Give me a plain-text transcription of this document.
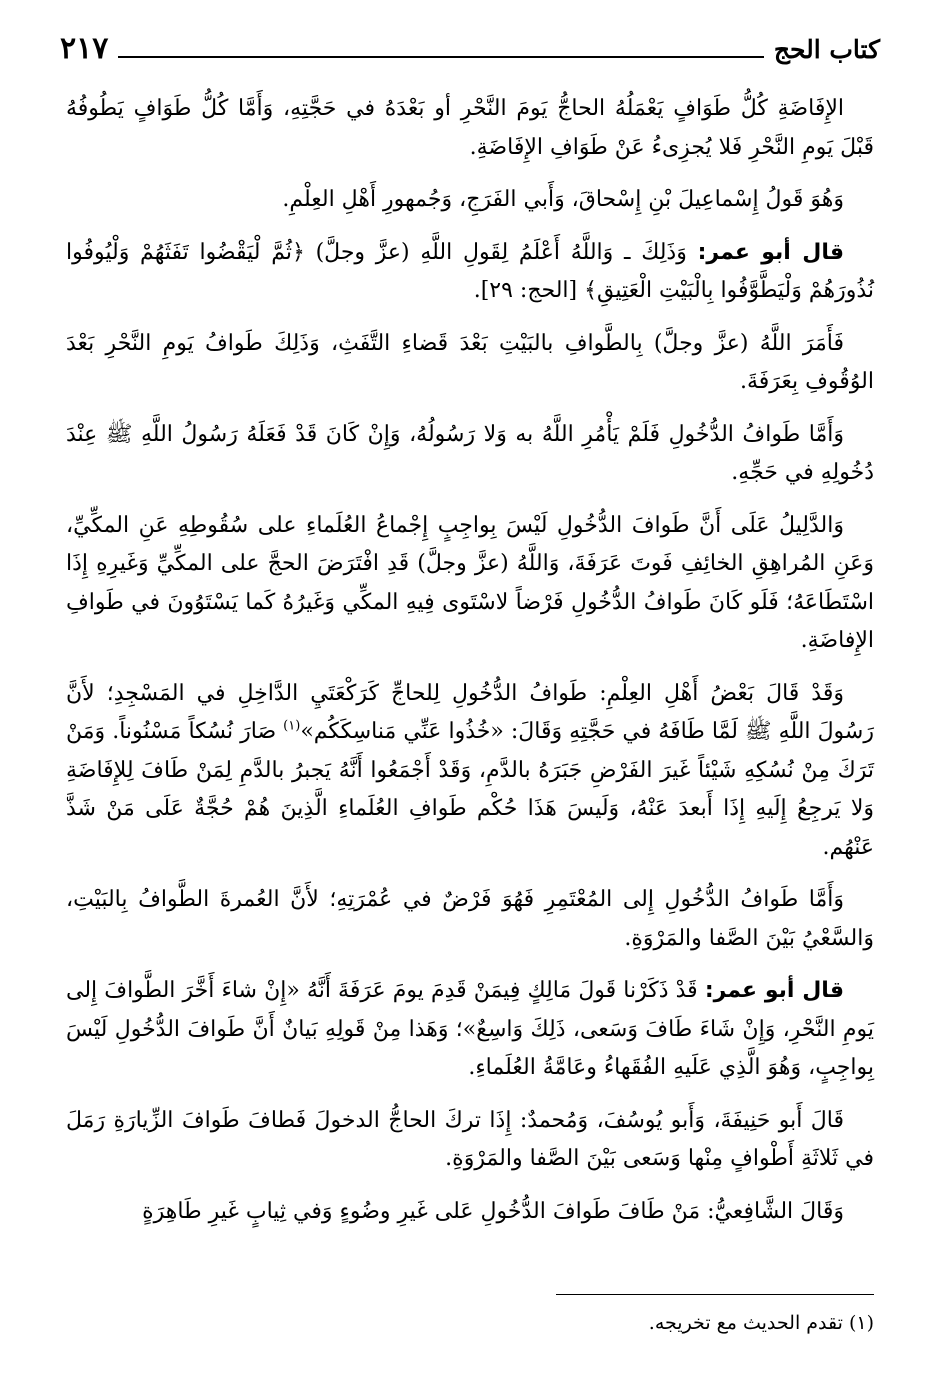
كتاب الحج
٢١٧

الإِفَاضَةِ كُلُّ طَوَافٍ يَعْمَلُهُ الحاجُّ يَومَ النَّحْرِ أو بَعْدَهُ في حَجَّتِهِ، وَأَمَّا كُلُّ طَوَافٍ يَطُوفُهُ قَبْلَ يَومِ النَّحْرِ فَلا يُجزِىءُ عَنْ طَوَافِ الإِفَاضَةِ.

وَهُوَ قَولُ إِسْماعِيلَ بْنِ إِسْحاقَ، وَأَبي الفَرَجِ، وَجُمهورِ أَهْلِ العِلْمِ.

قال أبو عمر: وَذَلِكَ ـ وَاللَّهُ أَعْلَمُ لِقَولِ اللَّهِ (عزَّ وجلَّ) ﴿ثُمَّ لْيَقْضُوا تَفَثَهُمْ وَلْيُوفُوا نُذُورَهُمْ وَلْيَطَّوَّفُوا بِالْبَيْتِ الْعَتِيقِ﴾ [الحج: ٢٩].

فَأَمَرَ اللَّهُ (عزَّ وجلَّ) بِالطَّوافِ بالبَيْتِ بَعْدَ قَضاءِ التَّفَثِ، وَذَلِكَ طَوافُ يَومِ النَّحْرِ بَعْدَ الوُقُوفِ بِعَرَفَةَ.

وَأَمَّا طَوافُ الدُّخُولِ فَلَمْ يَأْمُرِ اللَّهُ به وَلا رَسُولُهُ، وَإِنْ كَانَ قَدْ فَعَلَهُ رَسُولُ اللَّهِ ﷺ عِنْدَ دُخُولِهِ في حَجِّهِ.

وَالدَّلِيلُ عَلَى أَنَّ طَوافَ الدُّخُولِ لَيْسَ بِواجِبٍ إِجْماعُ العُلَماءِ على سُقُوطِهِ عَنِ المكِّيِّ، وَعَنِ المُراهِقِ الخائِفِ فَوتَ عَرَفَةَ، وَاللَّهُ (عزَّ وجلَّ) قَدِ افْتَرَضَ الحجَّ على المكِّيِّ وَغَيرِهِ إِذَا اسْتَطَاعَهُ؛ فَلَو كَانَ طَوافُ الدُّخُولِ فَرْضاً لاسْتَوى فِيهِ المكِّي وَغَيرُهُ كَما يَسْتَوُونَ في طَوافِ الإِفاضَةِ.

وَقَدْ قَالَ بَعْضُ أَهْلِ العِلْمِ: طَوافُ الدُّخُولِ لِلحاجِّ كَرَكْعَتَيِ الدَّاخِلِ في المَسْجِدِ؛ لأَنَّ رَسُولَ اللَّهِ ﷺ لَمَّا طَافَهُ في حَجَّتِهِ وَقَالَ: «خُذُوا عَنِّي مَناسِكَكُم»$^{(١)}$ صَارَ نُسُكاً مَسْنُوناً. وَمَنْ تَرَكَ مِنْ نُسُكِهِ شَيْئاً غَيرَ الفَرْضِ جَبَرَهُ بالدَّمِ، وَقَدْ أَجْمَعُوا أَنَّهُ يَجبرُ بالدَّمِ لِمَنْ طَافَ لِلإِفَاضَةِ وَلا يَرجِعُ إِلَيهِ إِذَا أَبعدَ عَنْهُ، وَلَيسَ هَذَا حُكْم طَوافِ العُلَماءِ الَّذِينَ هُمْ حُجَّةٌ عَلَى مَنْ شَذَّ عَنْهُم.

وَأَمَّا طَوافُ الدُّخُولِ إِلى المُعْتَمِرِ فَهُوَ فَرْضٌ في عُمْرَتِهِ؛ لأَنَّ العُمرةَ الطَّوافُ بِالبَيْتِ، وَالسَّعْيُ بَيْنَ الصَّفا والمَرْوَةِ.

قال أبو عمر: قَدْ ذَكَرْنا قَولَ مَالِكٍ فِيمَنْ قَدِمَ يومَ عَرَفَةَ أَنَّهُ «إِنْ شاءَ أَخَّرَ الطَّوافَ إِلى يَومِ النَّحْرِ، وَإِنْ شَاءَ طَافَ وَسَعى، ذَلِكَ وَاسِعٌ»؛ وَهَذا مِنْ قَولِهِ بَيانٌ أَنَّ طَوافَ الدُّخُولِ لَيْسَ بِواجِبٍ، وَهُوَ الَّذِي عَلَيهِ الفُقَهاءُ وعَامَّةُ العُلَماءِ.

قَالَ أَبو حَنِيفَةَ، وَأَبو يُوسُفَ، وَمُحمدٌ: إِذَا تركَ الحاجُّ الدخولَ فَطافَ طَوافَ الزِّيارَةِ رَمَلَ في ثَلاثَةِ أَطْوافٍ مِنْها وَسَعى بَيْنَ الصَّفا والمَرْوَةِ.

وَقَالَ الشَّافِعيُّ: مَنْ طَافَ طَوافَ الدُّخُولِ عَلى غَيرِ وضُوءٍ وَفي ثِيابٍ غَيرِ طَاهِرَةٍ

(١) تقدم الحديث مع تخريجه.
